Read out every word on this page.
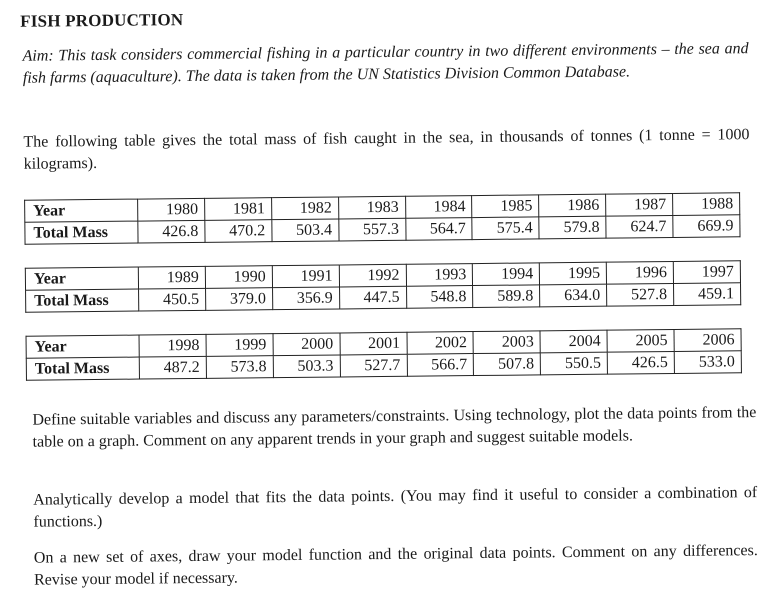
FISH PRODUCTION
Aim: This task considers commercial fishing in a particular country in two different environments – the sea and fish farms (aquaculture). The data is taken from the UN Statistics Division Common Database.
The following table gives the total mass of fish caught in the sea, in thousands of tonnes (1 tonne = 1000 kilograms).
Year	1980	1981	1982	1983	1984	1985	1986	1987	1988
Total Mass	426.8	470.2	503.4	557.3	564.7	575.4	579.8	624.7	669.9
Year	1989	1990	1991	1992	1993	1994	1995	1996	1997
Total Mass	450.5	379.0	356.9	447.5	548.8	589.8	634.0	527.8	459.1
Year	1998	1999	2000	2001	2002	2003	2004	2005	2006
Total Mass	487.2	573.8	503.3	527.7	566.7	507.8	550.5	426.5	533.0
Define suitable variables and discuss any parameters/constraints. Using technology, plot the data points from the table on a graph. Comment on any apparent trends in your graph and suggest suitable models.
Analytically develop a model that fits the data points. (You may find it useful to consider a combination of functions.)
On a new set of axes, draw your model function and the original data points. Comment on any differences. Revise your model if necessary.
